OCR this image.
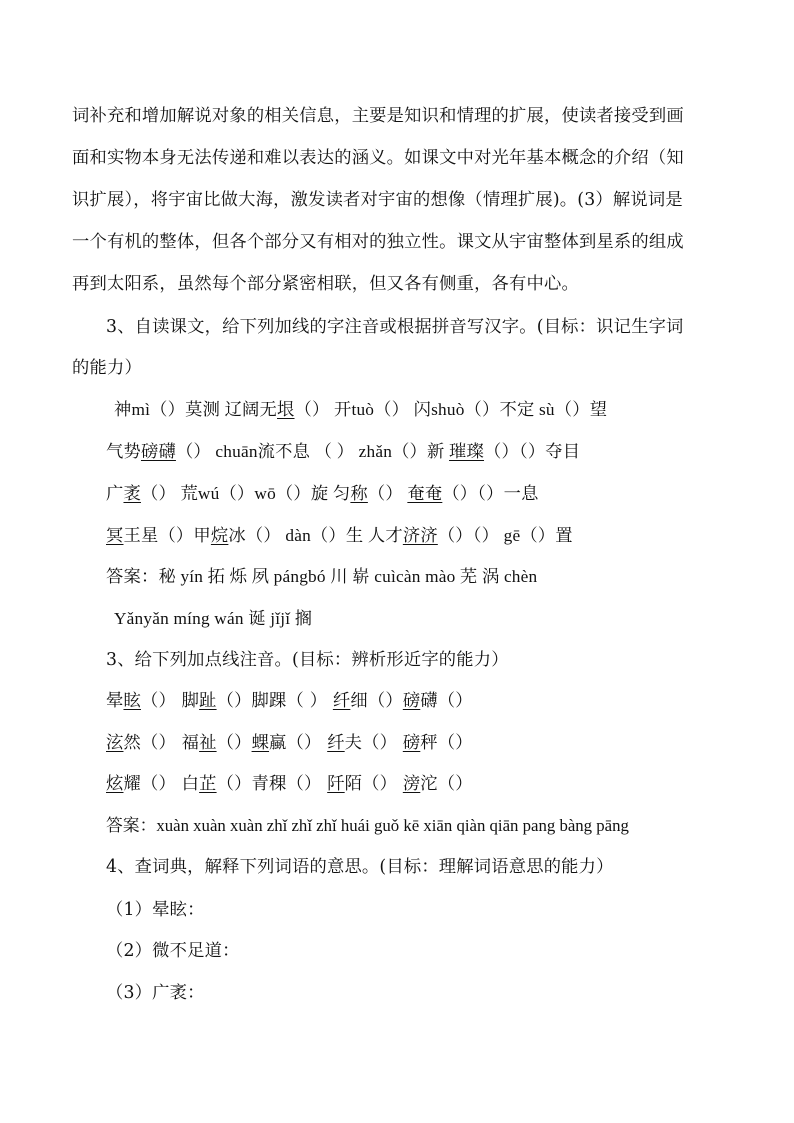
词补充和增加解说对象的相关信息，主要是知识和情理的扩展，使读者接受到画
面和实物本身无法传递和难以表达的涵义。如课文中对光年基本概念的介绍（知
识扩展），将宇宙比做大海，激发读者对宇宙的想像（情理扩展)。(3）解说词是
一个有机的整体，但各个部分又有相对的独立性。课文从宇宙整体到星系的组成
再到太阳系，虽然每个部分紧密相联，但又各有侧重，各有中心。
3、自读课文，给下列加线的字注音或根据拼音写汉字。(目标：识记生字词
的能力）
神mì（）莫测 辽阔无垠（） 开tuò（） 闪shuò（）不定 sù（）望
气势磅礴（） chuān流不息 （ ） zhǎn（）新 璀璨（）（）夺目
广袤（） 荒wú（）wō（）旋 匀称（） 奄奄（）（）一息
冥王星（）甲烷冰（） dàn（）生 人才济济（）（） gē（）置
答案：秘 yín 拓 烁 夙 pángbó 川 崭 cuìcàn mào 芜 涡 chèn
Yǎnyǎn míng wán 诞 jǐjǐ 搁
3、给下列加点线注音。(目标：辨析形近字的能力）
晕眩（） 脚趾（）脚踝（ ） 纤细（）磅礴（）
泫然（） 福祉（）蜾蠃（） 纤夫（） 磅秤（）
炫耀（） 白芷（）青稞（） 阡陌（） 滂沱（）
答案：xuàn xuàn xuàn zhǐ zhǐ zhǐ huái guǒ kē xiān qiàn qiān pang bàng pāng
4、查词典，解释下列词语的意思。(目标：理解词语意思的能力）
（1）晕眩：
（2）微不足道：
（3）广袤：
